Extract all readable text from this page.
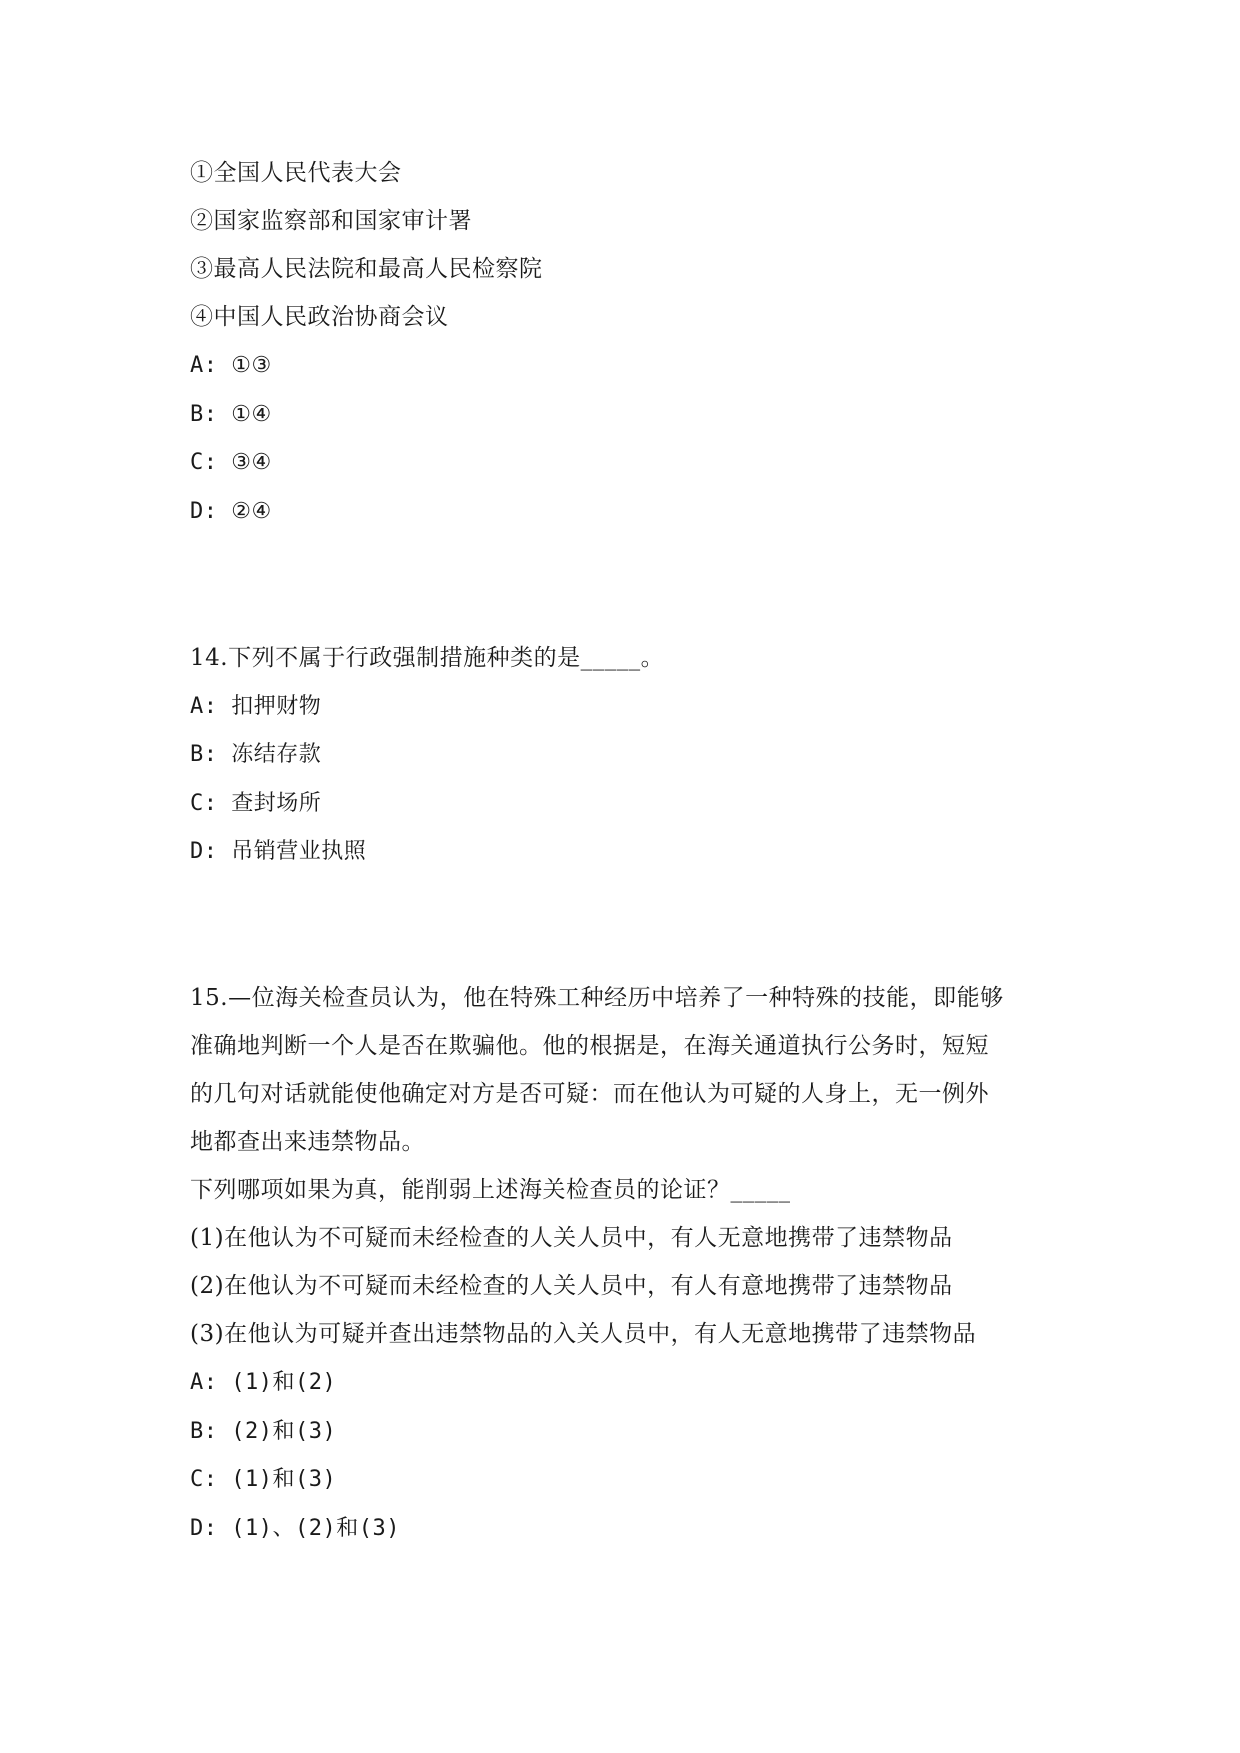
①全国人民代表大会
②国家监察部和国家审计署
③最高人民法院和最高人民检察院
④中国人民政治协商会议
A: ①③
B: ①④
C: ③④
D: ②④
14.下列不属于行政强制措施种类的是_____。
A: 扣押财物
B: 冻结存款
C: 查封场所
D: 吊销营业执照
15.—位海关检查员认为，他在特殊工种经历中培养了一种特殊的技能，即能够
准确地判断一个人是否在欺骗他。他的根据是，在海关通道执行公务时，短短
的几句对话就能使他确定对方是否可疑：而在他认为可疑的人身上，无一例外
地都查出来违禁物品。
下列哪项如果为真，能削弱上述海关检查员的论证？_____
(1)在他认为不可疑而未经检查的人关人员中，有人无意地携带了违禁物品
(2)在他认为不可疑而未经检查的人关人员中，有人有意地携带了违禁物品
(3)在他认为可疑并查出违禁物品的入关人员中，有人无意地携带了违禁物品
A: (1)和(2)
B: (2)和(3)
C: (1)和(3)
D: (1)、(2)和(3)
